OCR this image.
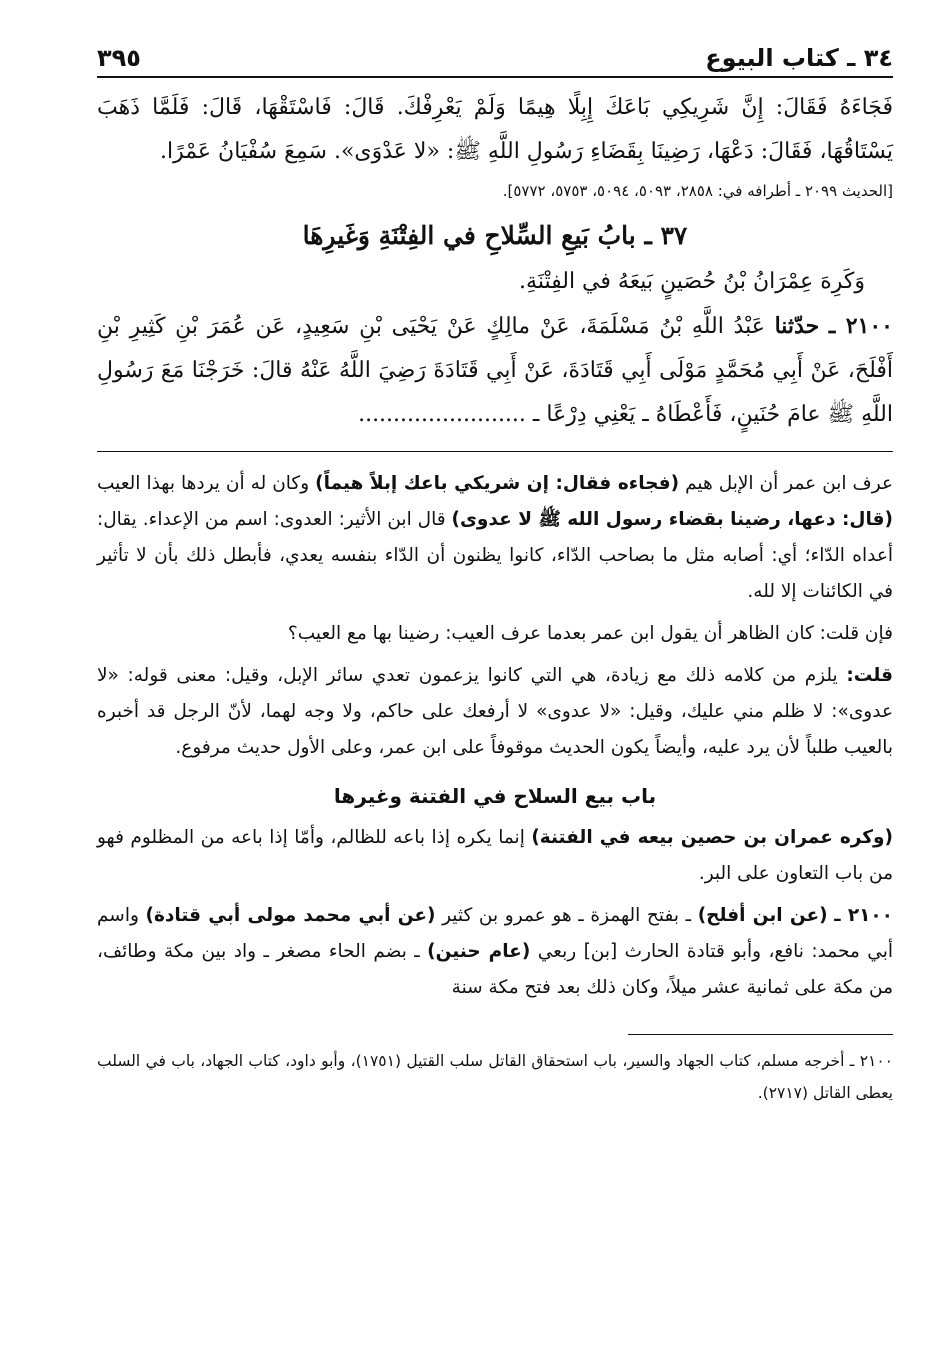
٣٤ ـ كتاب البيوع
٣٩٥

فَجَاءَهُ فَقَالَ: إِنَّ شَرِيكِي بَاعَكَ إِبِلًا هِيمًا وَلَمْ يَعْرِفْكَ. قَالَ: فَاسْتَقْهَا، قَالَ: فَلَمَّا ذَهَبَ يَسْتَاقُهَا، فَقَالَ: دَعْهَا، رَضِينَا بِقَضَاءِ رَسُولِ اللَّهِ ﷺ: «لا عَدْوَى». سَمِعَ سُفْيَانُ عَمْرًا.

[الحديث ٢٠٩٩ ـ أطرافه في: ٢٨٥٨، ٥٠٩٣، ٥٠٩٤، ٥٧٥٣، ٥٧٧٢].

٣٧ ـ بابُ بَيعِ السِّلاحِ في الفِتْنَةِ وَغَيرِهَا

وَكَرِهَ عِمْرَانُ بْنُ حُصَينٍ بَيعَهُ في الفِتْنَةِ.

٢١٠٠ ـ حدّثنا عَبْدُ اللَّهِ بْنُ مَسْلَمَةَ، عَنْ مالِكٍ عَنْ يَحْيَى بْنِ سَعِيدٍ، عَن عُمَرَ بْنِ كَثِيرِ بْنِ أَفْلَحَ، عَنْ أَبِي مُحَمَّدٍ مَوْلَى أَبِي قَتَادَةَ، عَنْ أَبِي قَتَادَةَ رَضِيَ اللَّهُ عَنْهُ قالَ: خَرَجْنَا مَعَ رَسُولِ اللَّهِ ﷺ عامَ حُنَينٍ، فَأَعْطَاهُ ـ يَعْنِي دِرْعًا ـ ........................

عرف ابن عمر أن الإبل هيم (فجاءه فقال: إن شريكي باعك إبلاً هيماً) وكان له أن يردها بهذا العيب (قال: دعها، رضينا بقضاء رسول الله ﷺ لا عدوى) قال ابن الأثير: العدوى: اسم من الإعداء. يقال: أعداه الدّاء؛ أي: أصابه مثل ما بصاحب الدّاء، كانوا يظنون أن الدّاء بنفسه يعدي، فأبطل ذلك بأن لا تأثير في الكائنات إلا لله.

فإن قلت: كان الظاهر أن يقول ابن عمر بعدما عرف العيب: رضينا بها مع العيب؟

قلت: يلزم من كلامه ذلك مع زيادة، هي التي كانوا يزعمون تعدي سائر الإبل، وقيل: معنى قوله: «لا عدوى»: لا ظلم مني عليك، وقيل: «لا عدوى» لا أرفعك على حاكم، ولا وجه لهما، لأنّ الرجل قد أخبره بالعيب طلباً لأن يرد عليه، وأيضاً يكون الحديث موقوفاً على ابن عمر، وعلى الأول حديث مرفوع.

باب بيع السلاح في الفتنة وغيرها

(وكره عمران بن حصين بيعه في الفتنة) إنما يكره إذا باعه للظالم، وأمّا إذا باعه من المظلوم فهو من باب التعاون على البر.

٢١٠٠ ـ (عن ابن أفلح) ـ بفتح الهمزة ـ هو عمرو بن كثير (عن أبي محمد مولى أبي قتادة) واسم أبي محمد: نافع، وأبو قتادة الحارث [بن] ربعي (عام حنين) ـ بضم الحاء مصغر ـ واد بين مكة وطائف، من مكة على ثمانية عشر ميلاً، وكان ذلك بعد فتح مكة سنة

٢١٠٠ ـ أخرجه مسلم، كتاب الجهاد والسير، باب استحقاق القاتل سلب القتيل (١٧٥١)، وأبو داود، كتاب الجهاد، باب في السلب يعطى القاتل (٢٧١٧).
